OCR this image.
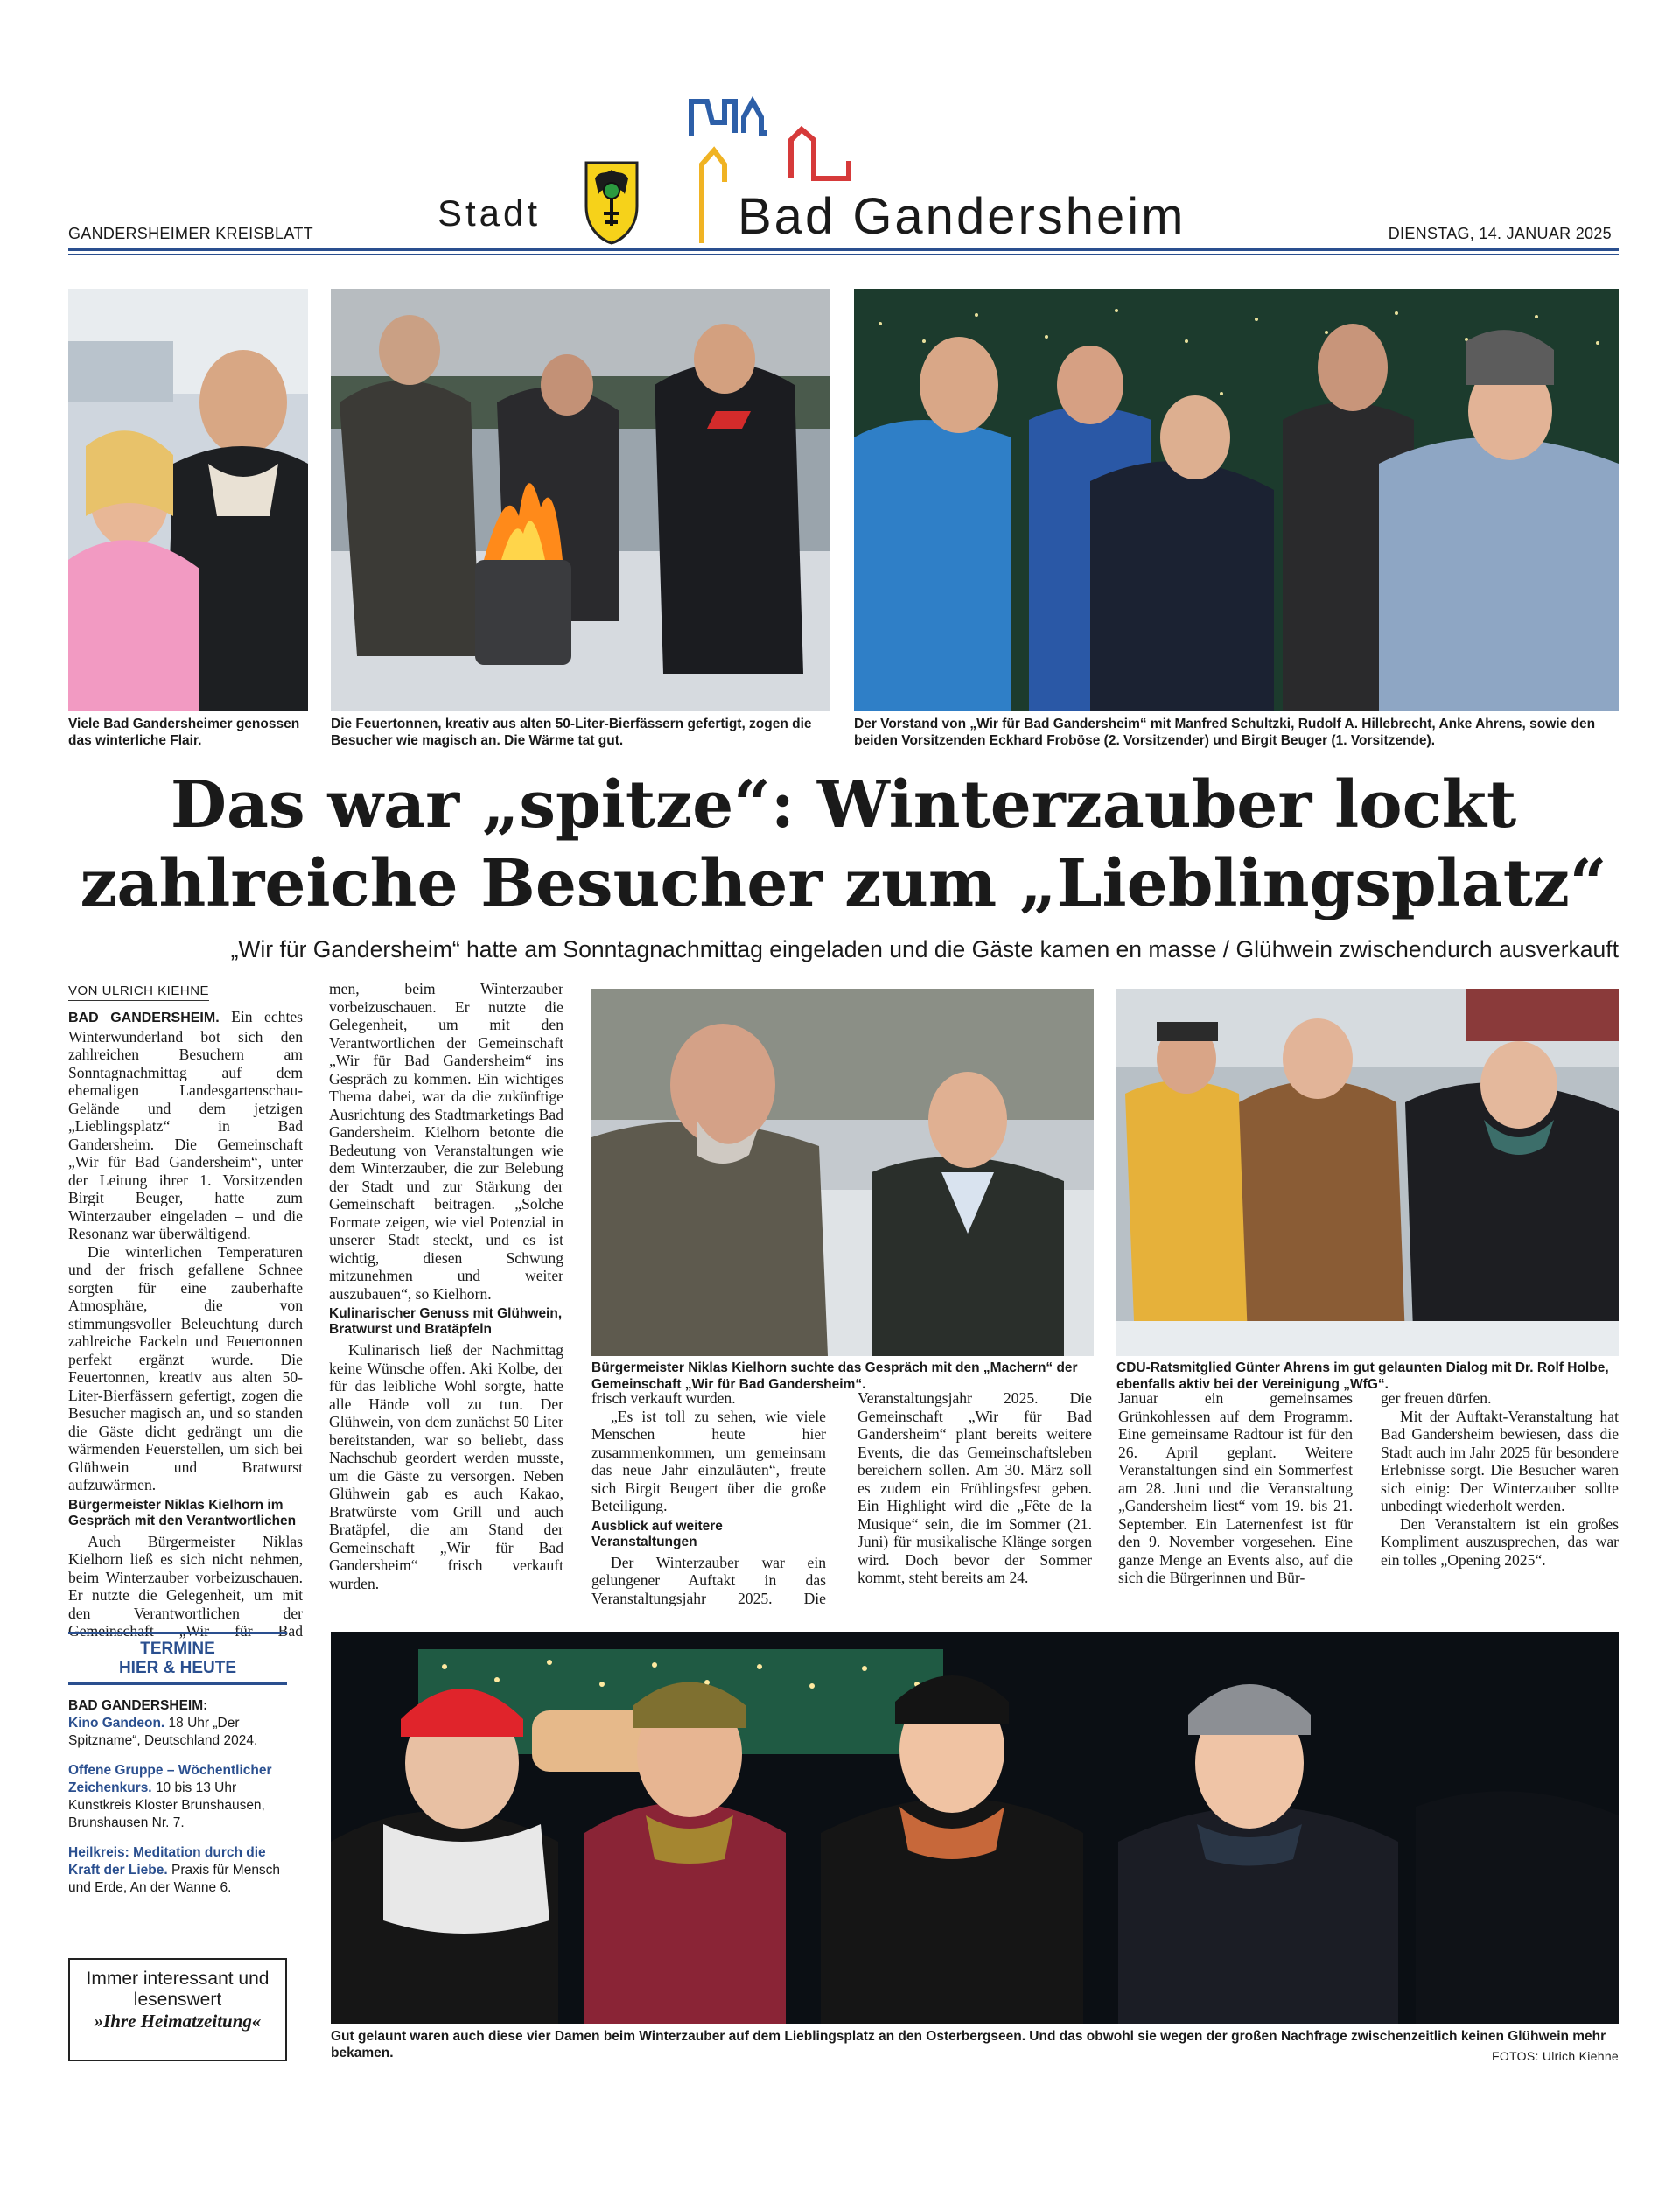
GANDERSHEIMER KREISBLATT	Stadt	Bad Gandersheim	DIENSTAG, 14. JANUAR 2025
Viele Bad Gandersheimer genossen das winterliche Flair.
Die Feuertonnen, kreativ aus alten 50-Liter-Bierfässern gefertigt, zogen die Besucher wie magisch an. Die Wärme tat gut.
Der Vorstand von „Wir für Bad Gandersheim“ mit Manfred Schultzki, Rudolf A. Hillebrecht, Anke Ahrens, sowie den beiden Vorsitzenden Eckhard Froböse (2. Vorsitzender) und Birgit Beuger (1. Vorsitzende).
Das war „spitze“: Winterzauber lockt
zahlreiche Besucher zum „Lieblingsplatz“
„Wir für Gandersheim“ hatte am Sonntagnachmittag eingeladen und die Gäste kamen en masse / Glühwein zwischendurch ausverkauft
VON ULRICH KIEHNE

BAD GANDERSHEIM. Ein echtes Winterwunderland bot sich den zahlreichen Besuchern am Sonntagnachmittag auf dem ehemaligen Landesgartenschau-Gelände und dem jetzigen „Lieblingsplatz“ in Bad Gandersheim. Die Gemeinschaft „Wir für Bad Gandersheim“, unter der Leitung ihrer 1. Vorsitzenden Birgit Beuger, hatte zum Winterzauber eingeladen – und die Resonanz war überwältigend.

Die winterlichen Temperaturen und der frisch gefallene Schnee sorgten für eine zauberhafte Atmosphäre, die von stimmungsvoller Beleuchtung durch zahlreiche Fackeln und Feuertonnen perfekt ergänzt wurde. Die Feuertonnen, kreativ aus alten 50-Liter-Bierfässern gefertigt, zogen die Besucher magisch an, und so standen die Gäste dicht gedrängt um die wärmenden Feuerstellen, um sich bei Glühwein und Bratwurst aufzuwärmen.

Bürgermeister Niklas Kielhorn im Gespräch mit den Verantwortlichen

Auch Bürgermeister Niklas Kielhorn ließ es sich nicht nehmen, beim Winterzauber vorbeizuschauen. Er nutzte die Gelegenheit, um mit den Verantwortlichen der Gemeinschaft „Wir für Bad

men, beim Winterzauber vorbeizuschauen. Er nutzte die Gelegenheit, um mit den Verantwortlichen der Gemeinschaft „Wir für Bad Gandersheim“ ins Gespräch zu kommen. Ein wichtiges Thema dabei, war da die zukünftige Ausrichtung des Stadtmarketings Bad Gandersheim. Kielhorn betonte die Bedeutung von Veranstaltungen wie dem Winterzauber, die zur Belebung der Stadt und zur Stärkung der Gemeinschaft beitragen. „Solche Formate zeigen, wie viel Potenzial in unserer Stadt steckt, und es ist wichtig, diesen Schwung mitzunehmen und weiter auszubauen“, so Kielhorn.

Kulinarischer Genuss mit Glühwein, Bratwurst und Bratäpfeln

Kulinarisch ließ der Nachmittag keine Wünsche offen. Aki Kolbe, der für das leibliche Wohl sorgte, hatte alle Hände voll zu tun. Der Glühwein, von dem zunächst 50 Liter bereitstanden, war so beliebt, dass Nachschub geordert werden musste, um die Gäste zu versorgen. Neben Glühwein gab es auch Kakao, Bratwürste vom Grill und auch Bratäpfel, die am Stand der Gemeinschaft „Wir für Bad Gandersheim“ frisch verkauft wurden.

Bürgermeister Niklas Kielhorn suchte das Gespräch mit den „Machern“ der Gemeinschaft „Wir für Bad Gandersheim“.
CDU-Ratsmitglied Günter Ahrens im gut gelaunten Dialog mit Dr. Rolf Holbe, ebenfalls aktiv bei der Vereinigung „WfG“.

frisch verkauft wurden.

„Es ist toll zu sehen, wie viele Menschen heute hier zusammenkommen, um gemeinsam das neue Jahr einzuläuten“, freute sich Birgit Beugert über die große Beteiligung.

Ausblick auf weitere Veranstaltungen

Der Winterzauber war ein gelungener Auftakt in das Veranstaltungsjahr 2025. Die

Veranstaltungsjahr 2025. Die Gemeinschaft „Wir für Bad Gandersheim“ plant bereits weitere Events, die das Gemeinschaftsleben bereichern sollen. Am 30. März soll es zudem ein Frühlingsfest geben. Ein Highlight wird die „Fête de la Musique“ sein, die im Sommer (21. Juni) für musikalische Klänge sorgen wird. Doch bevor der Sommer kommt, steht bereits am 24.

Januar ein gemeinsames Grünkohlessen auf dem Programm. Eine gemeinsame Radtour ist für den 26. April geplant. Weitere Veranstaltungen sind ein Sommerfest am 28. Juni und die Veranstaltung „Gandersheim liest“ vom 19. bis 21. September. Ein Laternenfest ist für den 9. November vorgesehen. Eine ganze Menge an Events also, auf die sich die Bürgerinnen und Bür-

ger freuen dürfen.

Mit der Auftakt-Veranstaltung hat Bad Gandersheim bewiesen, dass die Stadt auch im Jahr 2025 für besondere Erlebnisse sorgt. Die Besucher waren sich einig: Der Winterzauber sollte unbedingt wiederholt werden.

Den Veranstaltern ist ein großes Kompliment auszusprechen, das war ein tolles „Opening 2025“.

TERMINE
HIER & HEUTE
BAD GANDERSHEIM:
Kino Gandeon. 18 Uhr „Der Spitzname“, Deutschland 2024.
Offene Gruppe – Wöchentlicher Zeichenkurs. 10 bis 13 Uhr Kunstkreis Kloster Brunshausen, Brunshausen Nr. 7.
Heilkreis: Meditation durch die Kraft der Liebe. Praxis für Mensch und Erde, An der Wanne 6.
Immer interessant und
lesenswert
»Ihre Heimatzeitung«
Gut gelaunt waren auch diese vier Damen beim Winterzauber auf dem Lieblingsplatz an den Osterbergseen. Und das obwohl sie wegen der großen Nachfrage zwischenzeitlich keinen Glühwein mehr bekamen.	FOTOS: Ulrich Kiehne
